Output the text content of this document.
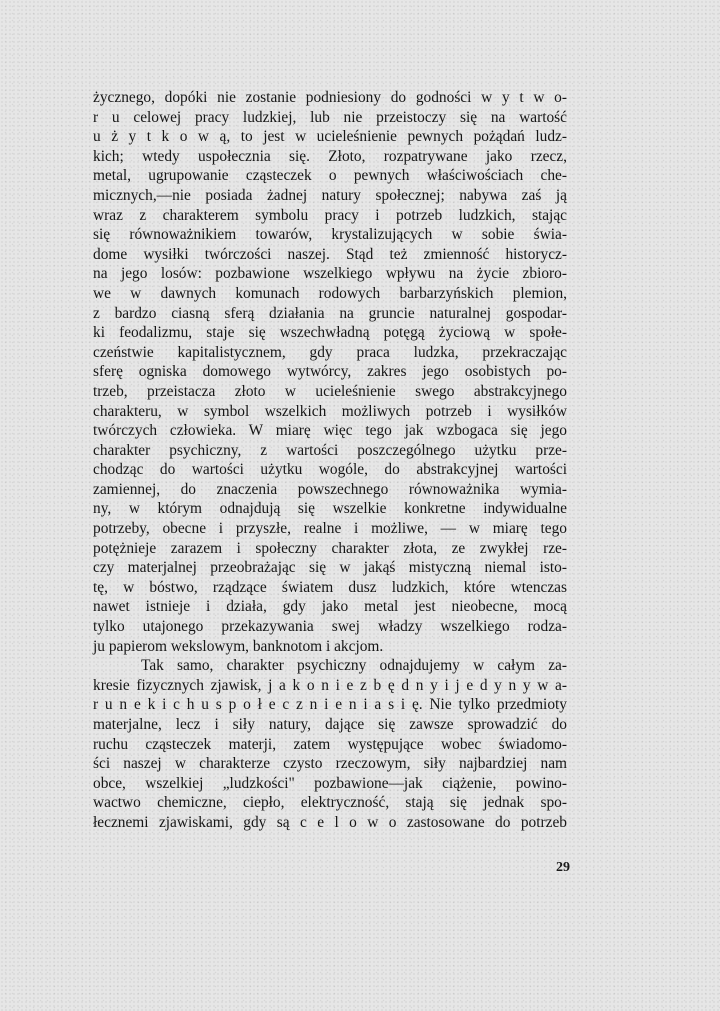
życznego, dopóki nie zostanie podniesiony do godności w y t w o-
r u celowej pracy ludzkiej, lub nie przeistoczy się na wartość
u ż y t k o w ą, to jest w ucieleśnienie pewnych pożądań ludz-
kich; wtedy uspołecznia się. Złoto, rozpatrywane jako rzecz,
metal, ugrupowanie cząsteczek o pewnych właściwościach che-
micznych,—nie posiada żadnej natury społecznej; nabywa zaś ją
wraz z charakterem symbolu pracy i potrzeb ludzkich, stając
się równoważnikiem towarów, krystalizujących w sobie świa-
dome wysiłki twórczości naszej. Stąd też zmienność historycz-
na jego losów: pozbawione wszelkiego wpływu na życie zbioro-
we w dawnych komunach rodowych barbarzyńskich plemion,
z bardzo ciasną sferą działania na gruncie naturalnej gospodar-
ki feodalizmu, staje się wszechwładną potęgą życiową w społe-
czeństwie kapitalistycznem, gdy praca ludzka, przekraczając
sferę ogniska domowego wytwórcy, zakres jego osobistych po-
trzeb, przeistacza złoto w ucieleśnienie swego abstrakcyjnego
charakteru, w symbol wszelkich możliwych potrzeb i wysiłków
twórczych człowieka. W miarę więc tego jak wzbogaca się jego
charakter psychiczny, z wartości poszczególnego użytku prze-
chodząc do wartości użytku wogóle, do abstrakcyjnej wartości
zamiennej, do znaczenia powszechnego równoważnika wymia-
ny, w którym odnajdują się wszelkie konkretne indywidualne
potrzeby, obecne i przyszłe, realne i możliwe, — w miarę tego
potężnieje zarazem i społeczny charakter złota, ze zwykłej rze-
czy materjalnej przeobrażając się w jakąś mistyczną niemal isto-
tę, w bóstwo, rządzące światem dusz ludzkich, które wtenczas
nawet istnieje i działa, gdy jako metal jest nieobecne, mocą
tylko utajonego przekazywania swej władzy wszelkiego rodza-
ju papierom wekslowym, banknotom i akcjom.
Tak samo, charakter psychiczny odnajdujemy w całym za-
kresie fizycznych zjawisk, j a k o n i e z b ę d n y i j e d y n y w a-
r u n e k i c h u s p o ł e c z n i e n i a s i ę. Nie tylko przedmioty
materjalne, lecz i siły natury, dające się zawsze sprowadzić do
ruchu cząsteczek materji, zatem występujące wobec świadomo-
ści naszej w charakterze czysto rzeczowym, siły najbardziej nam
obce, wszelkiej „ludzkości" pozbawione—jak ciążenie, powino-
wactwo chemiczne, ciepło, elektryczność, stają się jednak spo-
łecznemi zjawiskami, gdy są c e l o w o zastosowane do potrzeb
29
